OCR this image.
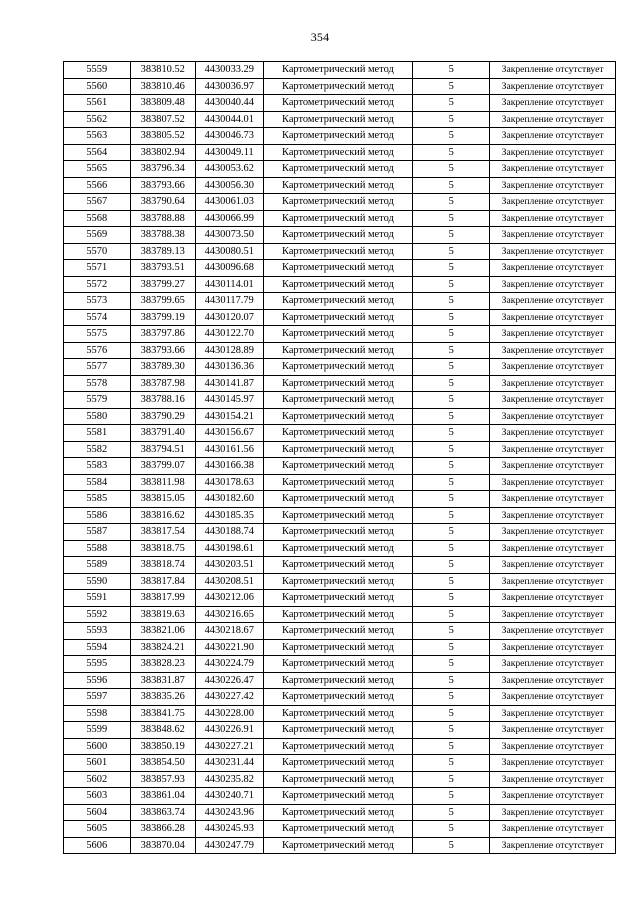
354
5559	383810.52	4430033.29	Картометрический метод	5	Закрепление отсутствует
5560	383810.46	4430036.97	Картометрический метод	5	Закрепление отсутствует
5561	383809.48	4430040.44	Картометрический метод	5	Закрепление отсутствует
5562	383807.52	4430044.01	Картометрический метод	5	Закрепление отсутствует
5563	383805.52	4430046.73	Картометрический метод	5	Закрепление отсутствует
5564	383802.94	4430049.11	Картометрический метод	5	Закрепление отсутствует
5565	383796.34	4430053.62	Картометрический метод	5	Закрепление отсутствует
5566	383793.66	4430056.30	Картометрический метод	5	Закрепление отсутствует
5567	383790.64	4430061.03	Картометрический метод	5	Закрепление отсутствует
5568	383788.88	4430066.99	Картометрический метод	5	Закрепление отсутствует
5569	383788.38	4430073.50	Картометрический метод	5	Закрепление отсутствует
5570	383789.13	4430080.51	Картометрический метод	5	Закрепление отсутствует
5571	383793.51	4430096.68	Картометрический метод	5	Закрепление отсутствует
5572	383799.27	4430114.01	Картометрический метод	5	Закрепление отсутствует
5573	383799.65	4430117.79	Картометрический метод	5	Закрепление отсутствует
5574	383799.19	4430120.07	Картометрический метод	5	Закрепление отсутствует
5575	383797.86	4430122.70	Картометрический метод	5	Закрепление отсутствует
5576	383793.66	4430128.89	Картометрический метод	5	Закрепление отсутствует
5577	383789.30	4430136.36	Картометрический метод	5	Закрепление отсутствует
5578	383787.98	4430141.87	Картометрический метод	5	Закрепление отсутствует
5579	383788.16	4430145.97	Картометрический метод	5	Закрепление отсутствует
5580	383790.29	4430154.21	Картометрический метод	5	Закрепление отсутствует
5581	383791.40	4430156.67	Картометрический метод	5	Закрепление отсутствует
5582	383794.51	4430161.56	Картометрический метод	5	Закрепление отсутствует
5583	383799.07	4430166.38	Картометрический метод	5	Закрепление отсутствует
5584	383811.98	4430178.63	Картометрический метод	5	Закрепление отсутствует
5585	383815.05	4430182.60	Картометрический метод	5	Закрепление отсутствует
5586	383816.62	4430185.35	Картометрический метод	5	Закрепление отсутствует
5587	383817.54	4430188.74	Картометрический метод	5	Закрепление отсутствует
5588	383818.75	4430198.61	Картометрический метод	5	Закрепление отсутствует
5589	383818.74	4430203.51	Картометрический метод	5	Закрепление отсутствует
5590	383817.84	4430208.51	Картометрический метод	5	Закрепление отсутствует
5591	383817.99	4430212.06	Картометрический метод	5	Закрепление отсутствует
5592	383819.63	4430216.65	Картометрический метод	5	Закрепление отсутствует
5593	383821.06	4430218.67	Картометрический метод	5	Закрепление отсутствует
5594	383824.21	4430221.90	Картометрический метод	5	Закрепление отсутствует
5595	383828.23	4430224.79	Картометрический метод	5	Закрепление отсутствует
5596	383831.87	4430226.47	Картометрический метод	5	Закрепление отсутствует
5597	383835.26	4430227.42	Картометрический метод	5	Закрепление отсутствует
5598	383841.75	4430228.00	Картометрический метод	5	Закрепление отсутствует
5599	383848.62	4430226.91	Картометрический метод	5	Закрепление отсутствует
5600	383850.19	4430227.21	Картометрический метод	5	Закрепление отсутствует
5601	383854.50	4430231.44	Картометрический метод	5	Закрепление отсутствует
5602	383857.93	4430235.82	Картометрический метод	5	Закрепление отсутствует
5603	383861.04	4430240.71	Картометрический метод	5	Закрепление отсутствует
5604	383863.74	4430243.96	Картометрический метод	5	Закрепление отсутствует
5605	383866.28	4430245.93	Картометрический метод	5	Закрепление отсутствует
5606	383870.04	4430247.79	Картометрический метод	5	Закрепление отсутствует
